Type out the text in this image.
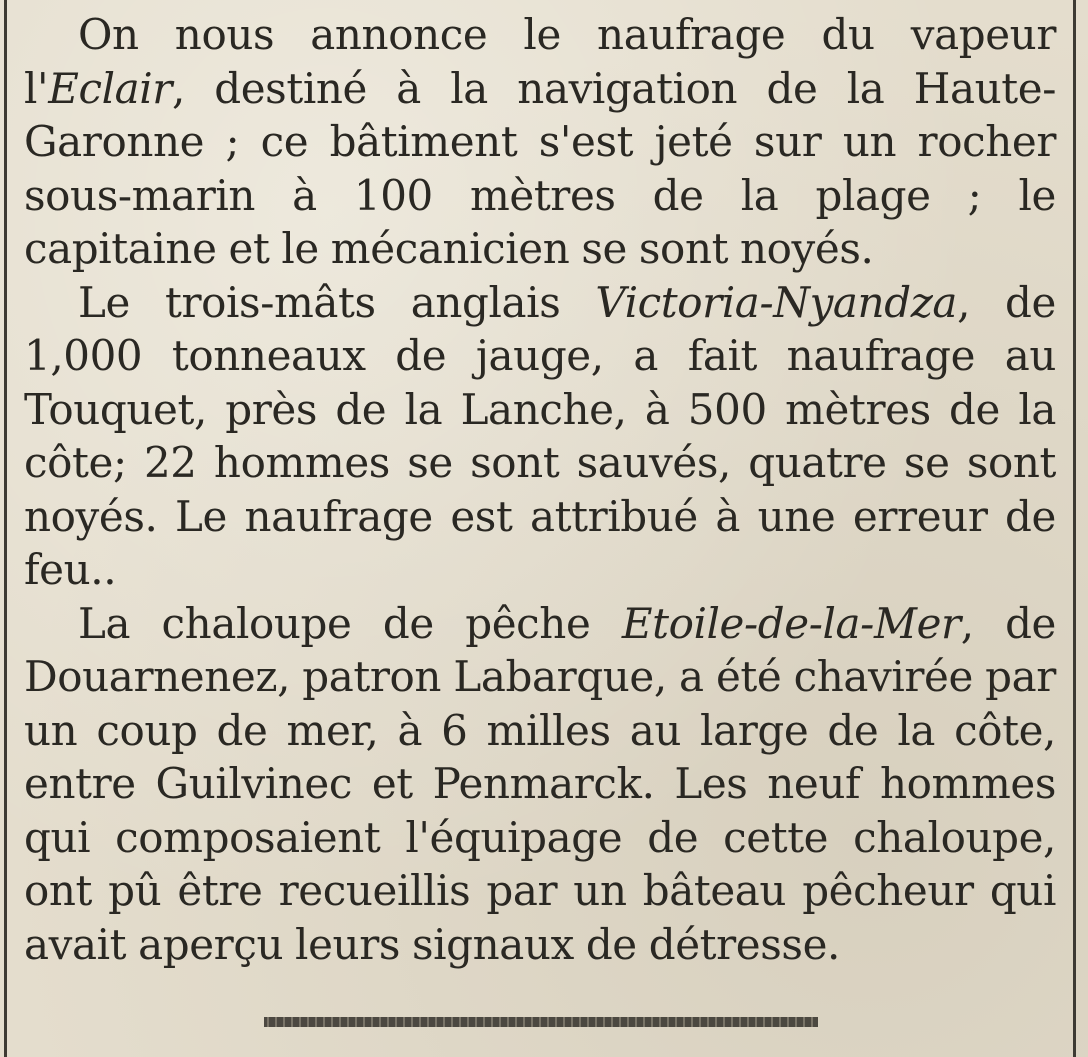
On nous annonce le naufrage du vapeur l'Eclair, destiné à la navigation de la Haute-Garonne ; ce bâtiment s'est jeté sur un rocher sous-marin à 100 mètres de la plage ; le capitaine et le mécanicien se sont noyés.

Le trois-mâts anglais Victoria-Nyandza, de 1,000 tonneaux de jauge, a fait naufrage au Touquet, près de la Lanche, à 500 mètres de la côte; 22 hommes se sont sauvés, quatre se sont noyés. Le naufrage est attribué à une erreur de feu..

La chaloupe de pêche Etoile-de-la-Mer, de Douarnenez, patron Labarque, a été chavirée par un coup de mer, à 6 milles au large de la côte, entre Guilvinec et Penmarck. Les neuf hommes qui composaient l'équipage de cette chaloupe, ont pû être recueillis par un bâteau pêcheur qui avait aperçu leurs signaux de détresse.
